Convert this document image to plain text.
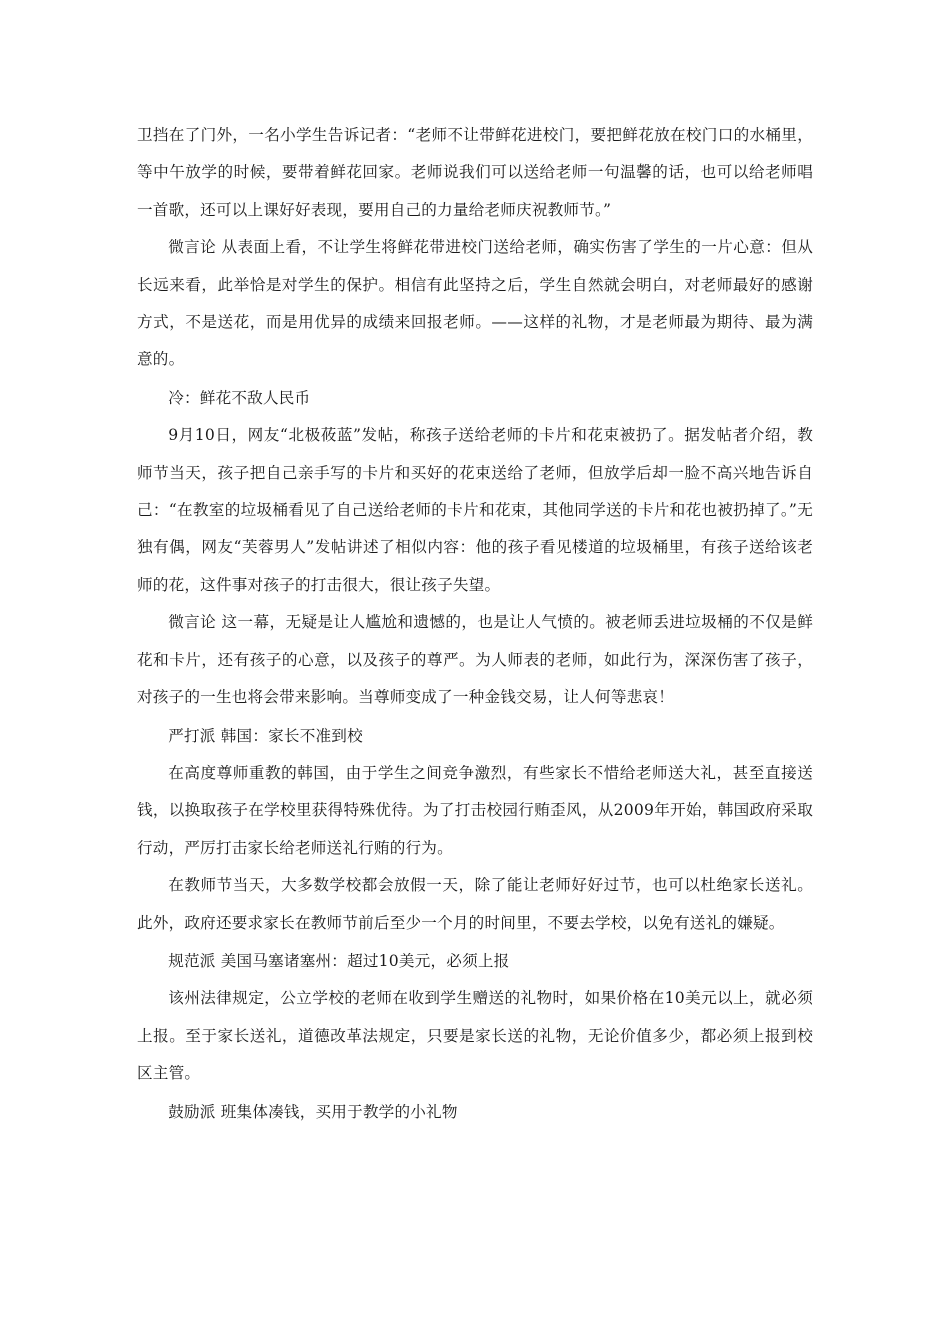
卫挡在了门外，一名小学生告诉记者：“老师不让带鲜花进校门，要把鲜花放在校门口的水桶里，等中午放学的时候，要带着鲜花回家。老师说我们可以送给老师一句温馨的话，也可以给老师唱一首歌，还可以上课好好表现，要用自己的力量给老师庆祝教师节。”

微言论 从表面上看，不让学生将鲜花带进校门送给老师，确实伤害了学生的一片心意：但从长远来看，此举恰是对学生的保护。相信有此坚持之后，学生自然就会明白，对老师最好的感谢方式，不是送花，而是用优异的成绩来回报老师。——这样的礼物，才是老师最为期待、最为满意的。

冷：鲜花不敌人民币

9月10日，网友“北极莜蓝”发帖，称孩子送给老师的卡片和花束被扔了。据发帖者介绍，教师节当天，孩子把自己亲手写的卡片和买好的花束送给了老师，但放学后却一脸不高兴地告诉自己：“在教室的垃圾桶看见了自己送给老师的卡片和花束，其他同学送的卡片和花也被扔掉了。”无独有偶，网友“芙蓉男人”发帖讲述了相似内容：他的孩子看见楼道的垃圾桶里，有孩子送给该老师的花，这件事对孩子的打击很大，很让孩子失望。

微言论 这一幕，无疑是让人尴尬和遗憾的，也是让人气愤的。被老师丢进垃圾桶的不仅是鲜花和卡片，还有孩子的心意，以及孩子的尊严。为人师表的老师，如此行为，深深伤害了孩子，对孩子的一生也将会带来影响。当尊师变成了一种金钱交易，让人何等悲哀！

严打派 韩国：家长不准到校

在高度尊师重教的韩国，由于学生之间竞争激烈，有些家长不惜给老师送大礼，甚至直接送钱，以换取孩子在学校里获得特殊优待。为了打击校园行贿歪风，从2009年开始，韩国政府采取行动，严厉打击家长给老师送礼行贿的行为。

在教师节当天，大多数学校都会放假一天，除了能让老师好好过节，也可以杜绝家长送礼。此外，政府还要求家长在教师节前后至少一个月的时间里，不要去学校，以免有送礼的嫌疑。

规范派 美国马塞诸塞州：超过10美元，必须上报

该州法律规定，公立学校的老师在收到学生赠送的礼物时，如果价格在10美元以上，就必须上报。至于家长送礼，道德改革法规定，只要是家长送的礼物，无论价值多少，都必须上报到校区主管。

鼓励派 班集体凑钱，买用于教学的小礼物
